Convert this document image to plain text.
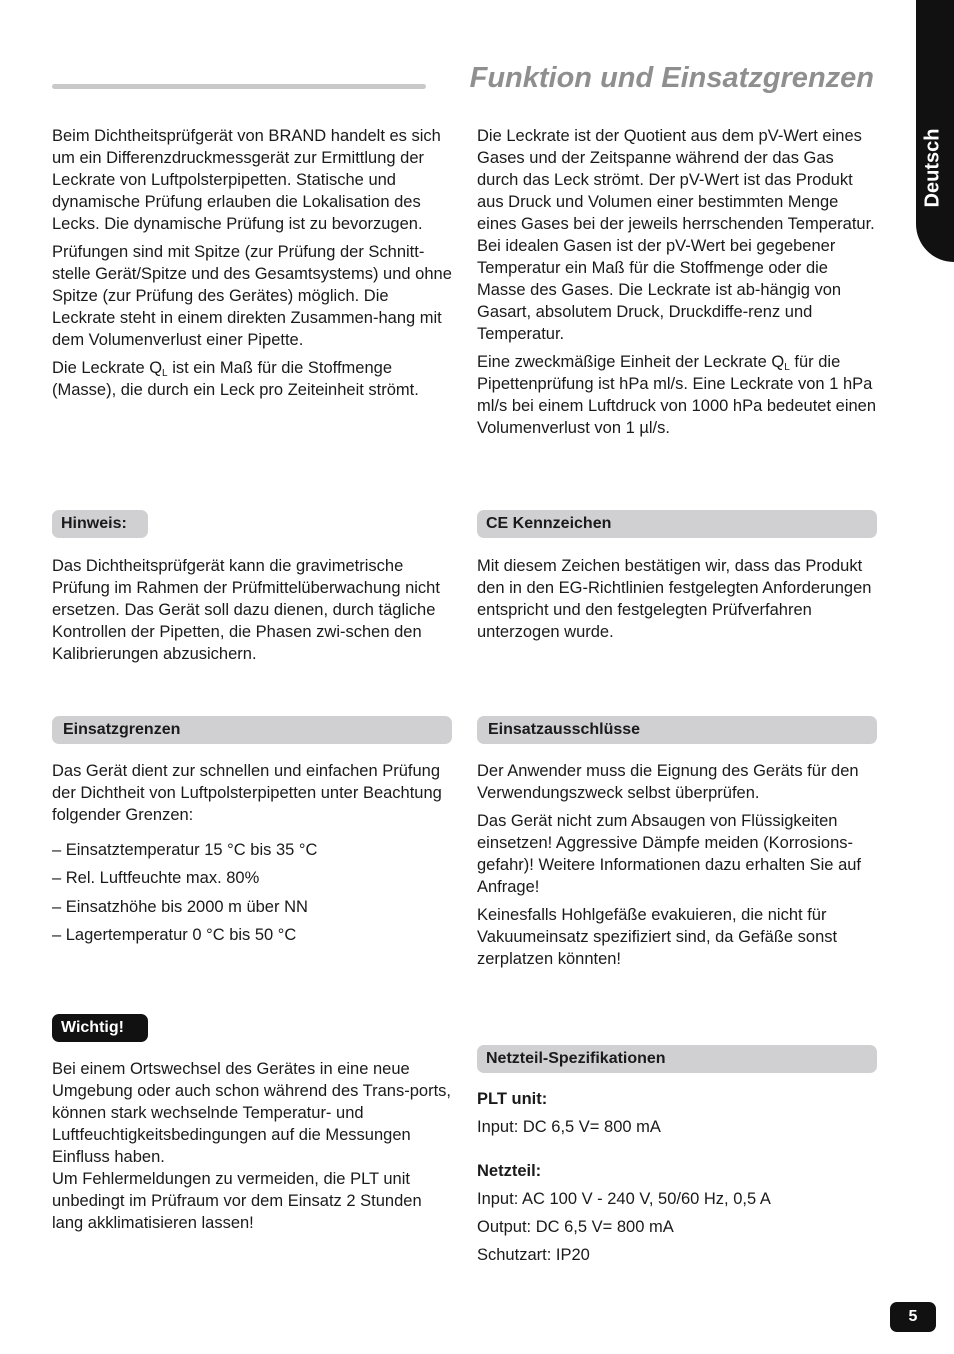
Funktion und Einsatzgrenzen
Deutsch

Beim Dichtheitsprüfgerät von BRAND handelt es sich um ein Differenzdruckmessgerät zur Ermittlung der Leckrate von Luftpolsterpipetten. Statische und dynamische Prüfung erlauben die Lokalisation des Lecks. Die dynamische Prüfung ist zu bevorzugen.

Prüfungen sind mit Spitze (zur Prüfung der Schnitt-stelle Gerät/Spitze und des Gesamtsystems) und ohne Spitze (zur Prüfung des Gerätes) möglich. Die Leckrate steht in einem direkten Zusammen-hang mit dem Volumenverlust einer Pipette.

Die Leckrate $Q_L$ ist ein Maß für die Stoffmenge (Masse), die durch ein Leck pro Zeiteinheit strömt.

Die Leckrate ist der Quotient aus dem pV-Wert eines Gases und der Zeitspanne während der das Gas durch das Leck strömt. Der pV-Wert ist das Produkt aus Druck und Volumen einer bestimmten Menge eines Gases bei der jeweils herrschenden Temperatur. Bei idealen Gasen ist der pV-Wert bei gegebener Temperatur ein Maß für die Stoffmenge oder die Masse des Gases. Die Leckrate ist ab-hängig von Gasart, absolutem Druck, Druckdiffe-renz und Temperatur.

Eine zweckmäßige Einheit der Leckrate $Q_L$ für die Pipettenprüfung ist hPa ml/s. Eine Leckrate von 1 hPa ml/s bei einem Luftdruck von 1000 hPa bedeutet einen Volumenverlust von 1 µl/s.

Hinweis:

Das Dichtheitsprüfgerät kann die gravimetrische Prüfung im Rahmen der Prüfmittelüberwachung nicht ersetzen. Das Gerät soll dazu dienen, durch tägliche Kontrollen der Pipetten, die Phasen zwi-schen den Kalibrierungen abzusichern.

CE Kennzeichen

Mit diesem Zeichen bestätigen wir, dass das Produkt den in den EG-Richtlinien festgelegten Anforderungen entspricht und den festgelegten Prüfverfahren unterzogen wurde.

Einsatzgrenzen

Das Gerät dient zur schnellen und einfachen Prüfung der Dichtheit von Luftpolsterpipetten unter Beachtung folgender Grenzen:

– Einsatztemperatur 15 °C bis 35 °C
– Rel. Luftfeuchte max. 80%
– Einsatzhöhe bis 2000 m über NN
– Lagertemperatur 0 °C bis 50 °C
Einsatzausschlüsse

Der Anwender muss die Eignung des Geräts für den Verwendungszweck selbst überprüfen.

Das Gerät nicht zum Absaugen von Flüssigkeiten einsetzen! Aggressive Dämpfe meiden (Korrosions-gefahr)! Weitere Informationen dazu erhalten Sie auf Anfrage!

Keinesfalls Hohlgefäße evakuieren, die nicht für Vakuumeinsatz spezifiziert sind, da Gefäße sonst zerplatzen könnten!

Wichtig!

Bei einem Ortswechsel des Gerätes in eine neue Umgebung oder auch schon während des Trans-ports, können stark wechselnde Temperatur- und Luftfeuchtigkeitsbedingungen auf die Messungen Einfluss haben.

Um Fehlermeldungen zu vermeiden, die PLT unit unbedingt im Prüfraum vor dem Einsatz 2 Stunden lang akklimatisieren lassen!

Netzteil-Spezifikationen

PLT unit:

Input: DC 6,5 V= 800 mA

Netzteil:

Input: AC 100 V - 240 V, 50/60 Hz, 0,5 A

Output: DC 6,5 V= 800 mA

Schutzart: IP20

5
